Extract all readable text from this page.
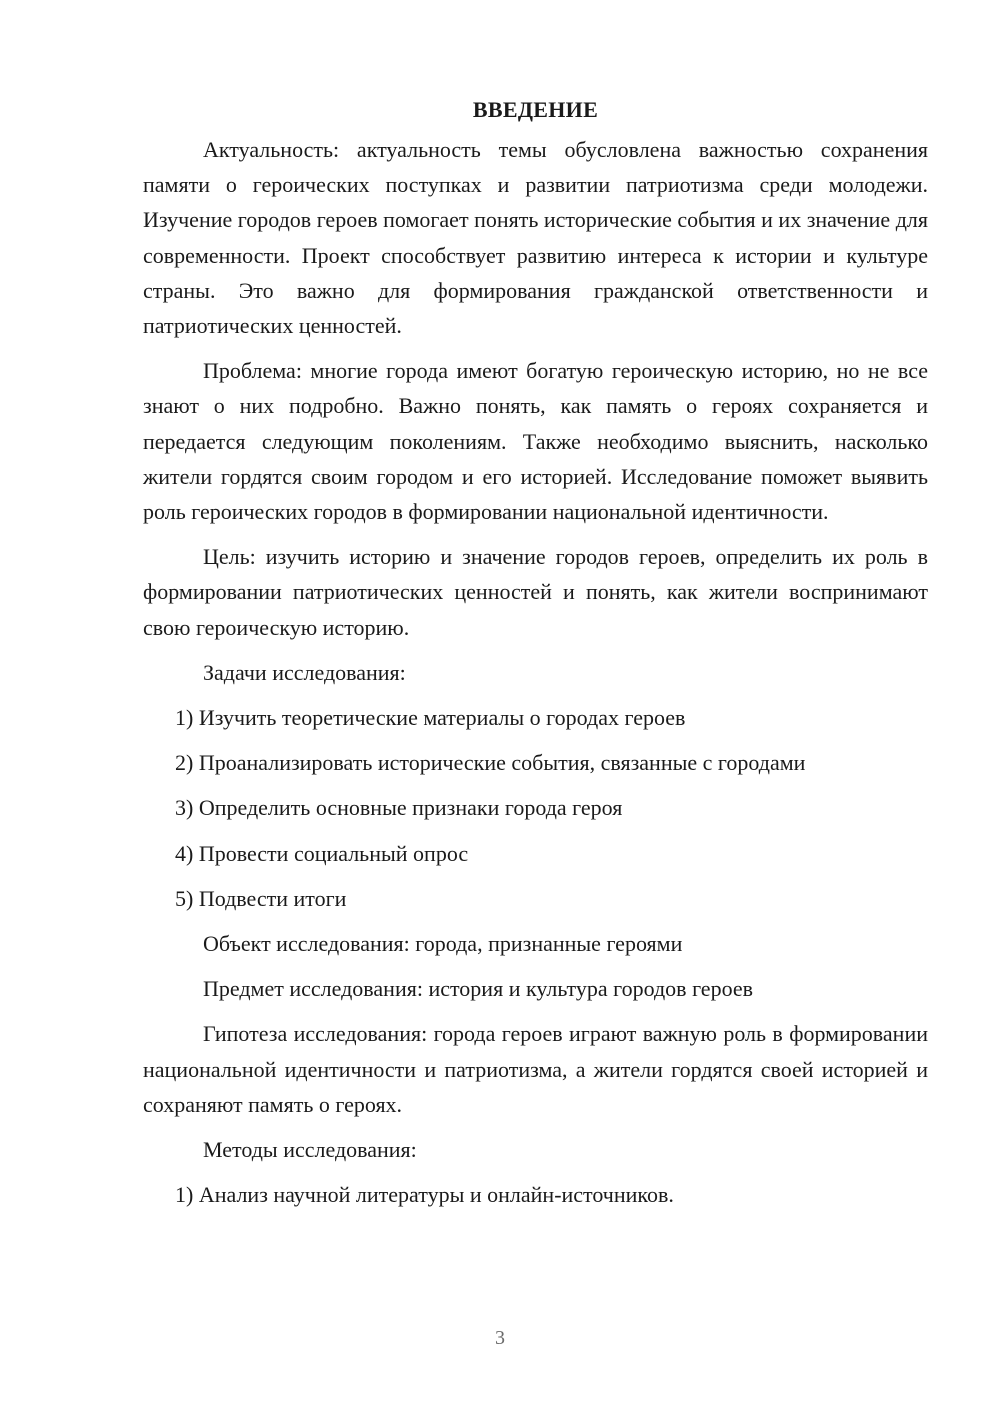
ВВЕДЕНИЕ

Актуальность: актуальность темы обусловлена важностью сохранения памяти о героических поступках и развитии патриотизма среди молодежи. Изучение городов героев помогает понять исторические события и их значение для современности. Проект способствует развитию интереса к истории и культуре страны. Это важно для формирования гражданской ответственности и патриотических ценностей.

Проблема: многие города имеют богатую героическую историю, но не все знают о них подробно. Важно понять, как память о героях сохраняется и передается следующим поколениям. Также необходимо выяснить, насколько жители гордятся своим городом и его историей. Исследование поможет выявить роль героических городов в формировании национальной идентичности.

Цель: изучить историю и значение городов героев, определить их роль в формировании патриотических ценностей и понять, как жители воспринимают свою героическую историю.

Задачи исследования:
1) Изучить теоретические материалы о городах героев
2) Проанализировать исторические события, связанные с городами
3) Определить основные признаки города героя
4) Провести социальный опрос
5) Подвести итоги
Объект исследования: города, признанные героями
Предмет исследования: история и культура городов героев

Гипотеза исследования: города героев играют важную роль в формировании национальной идентичности и патриотизма, а жители гордятся своей историей и сохраняют память о героях.

Методы исследования:
1) Анализ научной литературы и онлайн-источников.
3
